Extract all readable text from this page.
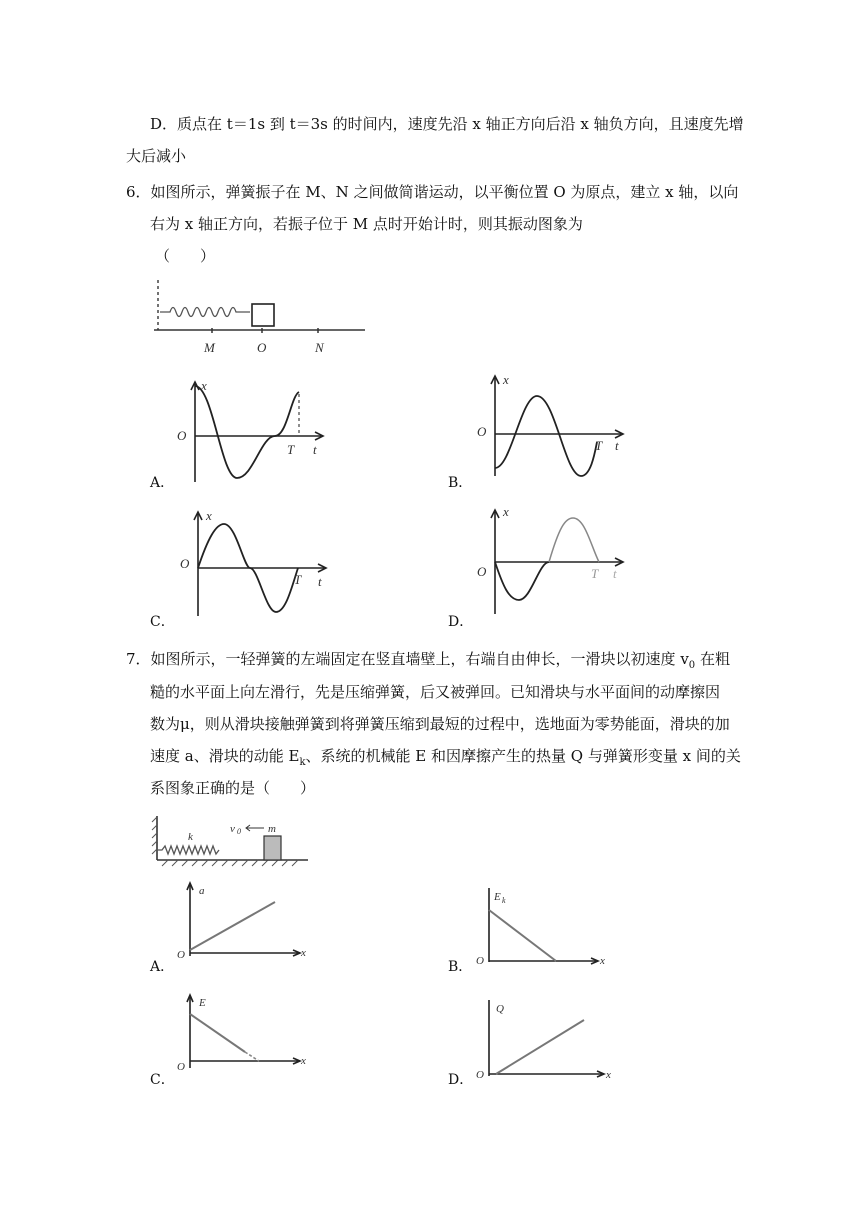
D．质点在 t＝1s 到 t＝3s 的时间内，速度先沿 x 轴正方向后沿 x 轴负方向，且速度先增
大后减小
6．如图所示，弹簧振子在 M、N 之间做简谐运动，以平衡位置 O 为原点，建立 x 轴，以向
右为 x 轴正方向，若振子位于 M 点时开始计时，则其振动图象为
（　　）
M	O	N
x
O
T t
A．
x
O
T t
B．
x
O
T t
C．
x
O	T t
D．
7．如图所示，一轻弹簧的左端固定在竖直墙壁上，右端自由伸长，一滑块以初速度 $v_0$ 在粗
糙的水平面上向左滑行，先是压缩弹簧，后又被弹回。已知滑块与水平面间的动摩擦因
数为μ，则从滑块接触弹簧到将弹簧压缩到最短的过程中，选地面为零势能面，滑块的加
速度 a、滑块的动能 $E_k$、系统的机械能 E 和因摩擦产生的热量 Q 与弹簧形变量 x 间的关
系图象正确的是（　　）
k
v 0 m
a
O	x
A．
E k
O	x
B．
E
O	x
C．
Q
O	x
D．
